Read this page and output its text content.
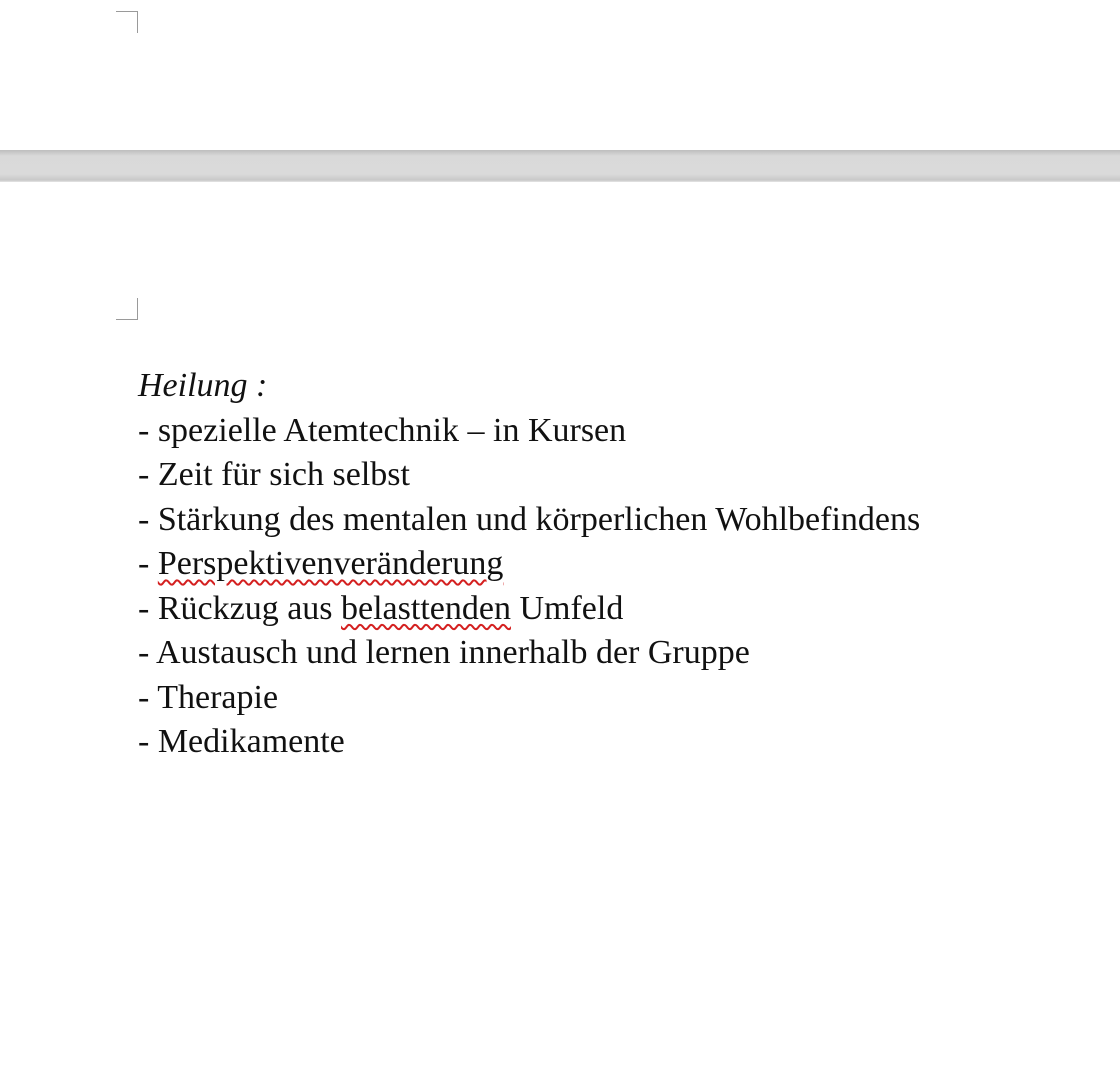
Heilung :
- spezielle Atemtechnik – in Kursen
- Zeit für sich selbst
- Stärkung des mentalen und körperlichen Wohlbefindens
- Perspektivenveränderung
- Rückzug aus belasttenden Umfeld
- Austausch und lernen innerhalb der Gruppe
- Therapie
- Medikamente
